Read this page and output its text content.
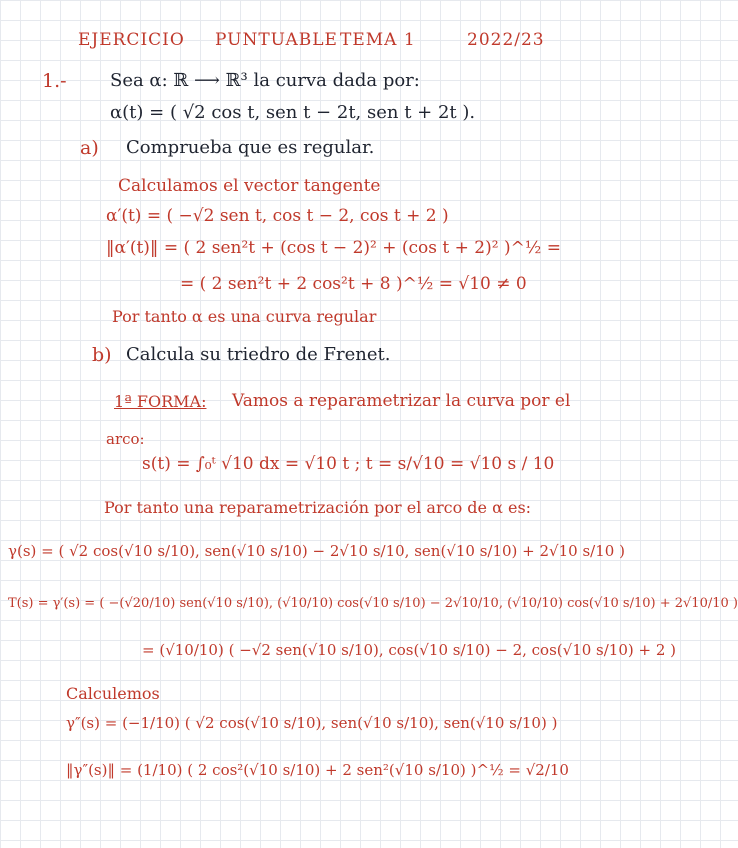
EJERCICIO PUNTUABLE TEMA 1	2022/23
1.- Sea α: ℝ ⟶ ℝ³ la curva dada por:
α(t) = ( √2 cos t, sen t − 2t, sen t + 2t ).
a) Comprueba que es regular.
Calculamos el vector tangente
α′(t) = ( −√2 sen t, cos t − 2, cos t + 2 )
‖α′(t)‖ = ( 2 sen²t + (cos t − 2)² + (cos t + 2)² )^½ =
= ( 2 sen²t + 2 cos²t + 8 )^½ = √10 ≠ 0
Por tanto α es una curva regular
b) Calcula su triedro de Frenet.
1ª FORMA: Vamos a reparametrizar la curva por el
arco:
s(t) = ∫₀ᵗ √10 dx = √10 t ; t = s/√10 = √10 s / 10
Por tanto una reparametrización por el arco de α es:
γ(s) = ( √2 cos(√10 s/10), sen(√10 s/10) − 2√10 s/10, sen(√10 s/10) + 2√10 s/10 )
T(s) = γ′(s) = ( −(√20/10) sen(√10 s/10), (√10/10) cos(√10 s/10) − 2√10/10, (√10/10) cos(√10 s/10) + 2√10/10 )
= (√10/10) ( −√2 sen(√10 s/10), cos(√10 s/10) − 2, cos(√10 s/10) + 2 )
Calculemos
γ″(s) = (−1/10) ( √2 cos(√10 s/10), sen(√10 s/10), sen(√10 s/10) )
‖γ″(s)‖ = (1/10) ( 2 cos²(√10 s/10) + 2 sen²(√10 s/10) )^½ = √2/10
